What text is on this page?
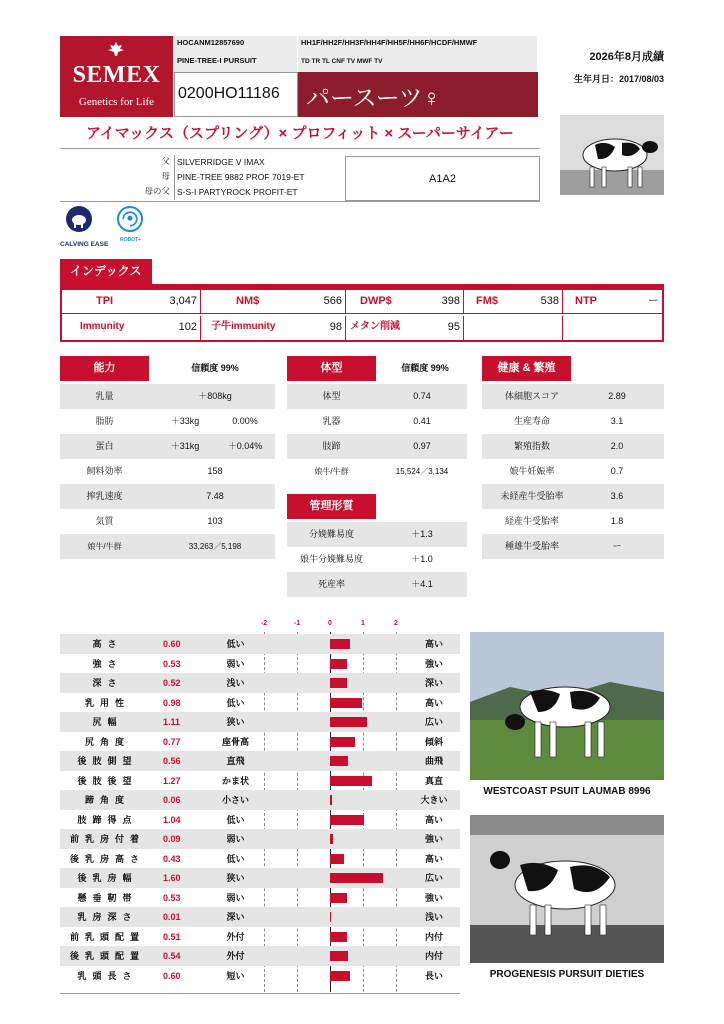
SEMEX
Genetics for Life
HOCANM12857690	HH1F/HH2F/HH3F/HH4F/HH5F/HH6F/HCDF/HMWF
PINE-TREE-I PURSUIT	TD TR TL CNF TV MWF TV
0200HO11186	パースーツ♀
2026年8月成績
生年月日：2017/08/03
アイマックス（スプリング）× プロフィット × スーパーサイアー
父 SILVERRIDGE V IMAX
母 PINE-TREE 9882 PROF 7019-ET
母の父 S-S-I PARTYROCK PROFIT-ET
A1A2
CALVING EASE
ROBOT+
インデックス
TPI	3,047	NM$	566 DWP$	398 FM$	538 NTP	ー
Immunity	102 子牛immunity	98 メタン削減	95
能力	信頼度 99%
乳量	＋808kg
脂肪	＋33kg	0.00%
蛋白	＋31kg	＋0.04%
飼料効率	158
搾乳速度	7.48
気質	103
娘牛/牛群	33,263／5,198
体型	信頼度 99%
体型	0.74
乳器	0.41
肢蹄	0.97
娘牛/牛群	15,524／3,134
管理形質
分娩難易度	＋1.3
娘牛分娩難易度	＋1.0
死産率	＋4.1
健康 & 繁殖
体細胞スコア	2.89
生産寿命	3.1
繁殖指数	2.0
娘牛妊娠率	0.7
未経産牛受胎率	3.6
経産牛受胎率	1.8
種雄牛受胎率	ー
-2	-1	0	1	2
高さ	0.60	低い	高い
強さ	0.53	弱い	強い
深さ	0.52	浅い	深い
乳用性	0.98	低い	高い
尻幅	1.11	狭い	広い
尻角度	0.77	座骨高	傾斜
後肢側望	0.56	直飛	曲飛
後肢後望	1.27	かま状	真直
蹄角度	0.06	小さい	大きい
肢蹄得点	1.04	低い	高い
前乳房付着	0.09	弱い	強い
後乳房高さ	0.43	低い	高い
後乳房幅	1.60	狭い	広い
懸垂靭帯	0.53	弱い	強い
乳房深さ	0.01	深い	浅い
前乳頭配置	0.51	外付	内付
後乳頭配置	0.54	外付	内付
乳頭長さ	0.60	短い	長い
WESTCOAST PSUIT LAUMAB 8996
PROGENESIS PURSUIT DIETIES
